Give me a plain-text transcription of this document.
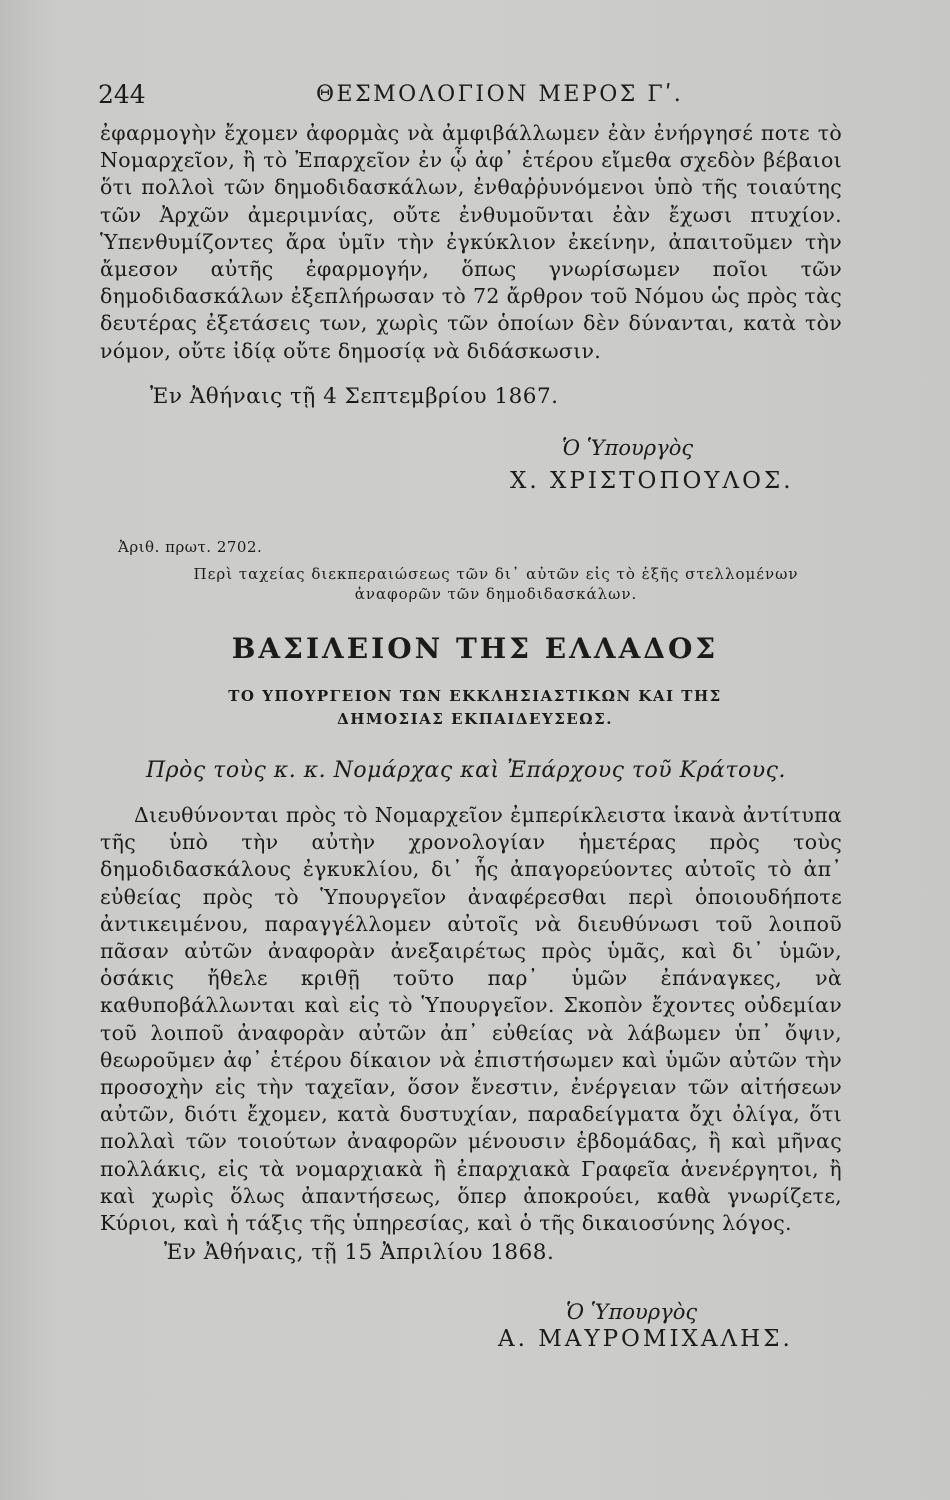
244	ΘΕΣΜΟΛΟΓΙΟΝ ΜΕΡΟΣ Γʹ.
ἐφαρμογὴν ἔχομεν ἀφορμὰς νὰ ἀμφιβάλλωμεν ἐὰν ἐνήργησέ ποτε τὸ Νομαρχεῖον, ἢ τὸ Ἐπαρχεῖον ἐν ᾧ ἀφ᾽ ἑτέρου εἴμεθα σχεδὸν βέβαιοι ὅτι πολλοὶ τῶν δημοδιδασκάλων, ἐνθαῤῥυνόμενοι ὑπὸ τῆς τοιαύτης τῶν Ἀρχῶν ἀμεριμνίας, οὔτε ἐνθυμοῦνται ἐὰν ἔχωσι πτυχίον. Ὑπενθυμίζοντες ἄρα ὑμῖν τὴν ἐγκύκλιον ἐκείνην, ἀπαιτοῦμεν τὴν ἄμεσον αὐτῆς ἐφαρμογήν, ὅπως γνωρίσωμεν ποῖοι τῶν δημοδιδασκάλων ἐξεπλήρωσαν τὸ 72 ἄρθρον τοῦ Νόμου ὡς πρὸς τὰς δευτέρας ἐξετάσεις των, χωρὶς τῶν ὁποίων δὲν δύνανται, κατὰ τὸν νόμον, οὔτε ἰδίᾳ οὔτε δημοσίᾳ νὰ διδάσκωσιν.
Ἐν Ἀθήναις τῇ 4 Σεπτεμβρίου 1867.
Ὁ Ὑπουργὸς
Χ. ΧΡΙΣΤΟΠΟΥΛΟΣ.
Ἀριθ. πρωτ. 2702.
Περὶ ταχείας διεκπεραιώσεως τῶν δι᾽ αὐτῶν εἰς τὸ ἑξῆς στελλομένων
ἀναφορῶν τῶν δημοδιδασκάλων.
ΒΑΣΙΛΕΙΟΝ ΤΗΣ ΕΛΛΑΔΟΣ
ΤΟ ΥΠΟΥΡΓΕΙΟΝ ΤΩΝ ΕΚΚΛΗΣΙΑΣΤΙΚΩΝ ΚΑΙ ΤΗΣ
ΔΗΜΟΣΙΑΣ ΕΚΠΑΙΔΕΥΣΕΩΣ.
Πρὸς τοὺς κ. κ. Νομάρχας καὶ Ἐπάρχους τοῦ Κράτους.
Διευθύνονται πρὸς τὸ Νομαρχεῖον ἐμπερίκλειστα ἱκανὰ ἀντίτυπα τῆς ὑπὸ τὴν αὐτὴν χρονολογίαν ἡμετέρας πρὸς τοὺς δημοδιδασκάλους ἐγκυκλίου, δι᾽ ἧς ἀπαγορεύοντες αὐτοῖς τὸ ἀπ᾽ εὐθείας πρὸς τὸ Ὑπουργεῖον ἀναφέρεσθαι περὶ ὁποιουδήποτε ἀντικειμένου, παραγγέλλομεν αὐτοῖς νὰ διευθύνωσι τοῦ λοιποῦ πᾶσαν αὐτῶν ἀναφορὰν ἀνεξαιρέτως πρὸς ὑμᾶς, καὶ δι᾽ ὑμῶν, ὁσάκις ἤθελε κριθῇ τοῦτο παρ᾽ ὑμῶν ἐπάναγκες, νὰ καθυποβάλλωνται καὶ εἰς τὸ Ὑπουργεῖον. Σκοπὸν ἔχοντες οὐδεμίαν τοῦ λοιποῦ ἀναφορὰν αὐτῶν ἀπ᾽ εὐθείας νὰ λάβωμεν ὑπ᾽ ὄψιν, θεωροῦμεν ἀφ᾽ ἑτέρου δίκαιον νὰ ἐπιστήσωμεν καὶ ὑμῶν αὐτῶν τὴν προσοχὴν εἰς τὴν ταχεῖαν, ὅσον ἔνεστιν, ἐνέργειαν τῶν αἰτήσεων αὐτῶν, διότι ἔχομεν, κατὰ δυστυχίαν, παραδείγματα ὄχι ὀλίγα, ὅτι πολλαὶ τῶν τοιούτων ἀναφορῶν μένουσιν ἑβδομάδας, ἢ καὶ μῆνας πολλάκις, εἰς τὰ νομαρχιακὰ ἢ ἐπαρχιακὰ Γραφεῖα ἀνενέργητοι, ἢ καὶ χωρὶς ὅλως ἀπαντήσεως, ὅπερ ἀποκρούει, καθὰ γνωρίζετε, Κύριοι, καὶ ἡ τάξις τῆς ὑπηρεσίας, καὶ ὁ τῆς δικαιοσύνης λόγος.
Ἐν Ἀθήναις, τῇ 15 Ἀπριλίου 1868.
Ὁ Ὑπουργὸς
Α. ΜΑΥΡΟΜΙΧΑΛΗΣ.
